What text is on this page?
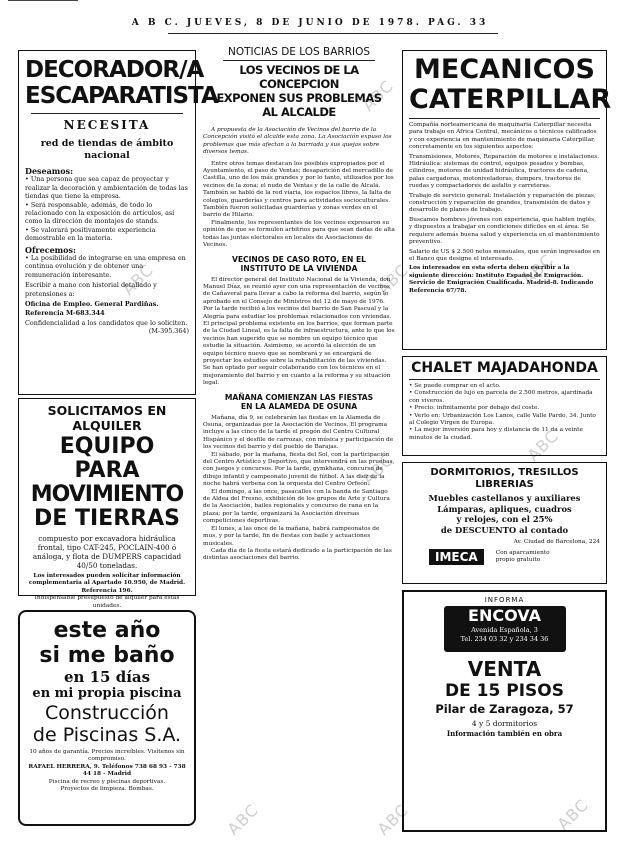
ABC
ABC
ABC
ABC
ABC
ABC
ABC
ABC	ABC
A B C. JUEVES, 8 DE JUNIO DE 1978. PAG. 33
DECORADOR/A
ESCAPARATISTA
NECESITA
red de tiendas de ámbito nacional
Deseamos:

• Una persona que sea capaz de proyectar y realizar la decoración y ambientación de todas las tiendas que tiene la empresa.

• Será responsable, además, de todo lo relacionado con la exposición de artículos, así como la dirección de montajes de stands.

• Se valorará positivamente experiencia demostrable en la materia.

Ofrecemos:

• La posibilidad de integrarse en una empresa en continua evolución y de obtener una remuneración interesante.

Escribir a mano con historial detallado y pretensiones a:

Oficina de Empleo. General Pardiñas. Referencia M-683.344

Confidencialidad a los candidatos que lo soliciten.

(M-395.364)
SOLICITAMOS EN ALQUILER
EQUIPO PARA
MOVIMIENTO
DE TIERRAS

compuesto por excavadora hidráulica frontal, tipo CAT-245, POCLAIN-400 ó análoga, y flota de DUMPERS capacidad 40/50 toneladas.

Los interesados pueden solicitar información complementaria al Apartado 10.950, de Madrid. Referencia 196.

Indispensable presupuesto de alquiler para estas unidades.

este año
si me baño
en 15 días
en mi propia piscina
Construcción
de Piscinas S.A.

10 años de garantía. Precios increíbles. Visítenos sin compromiso.

RAFAEL HERRERA, 9. Teléfonos 738 68 93 - 738 44 18 - Madrid

Piscina de recreo y piscinas deportivas.

Proyectos de limpieza. Bombas.

NOTICIAS DE LOS BARRIOS
LOS VECINOS DE LA CONCEPCION
EXPONEN SUS PROBLEMAS
AL ALCALDE

A propuesta de la Asociación de Vecinos del barrio de la Concepción visitó el alcalde esta zona. La Asociación expuso los problemas que más afectan a la barriada y sus quejas sobre diversos temas.

Entre otros temas destacan los posibles expropiados por el Ayuntamiento, el paso de Ventas; desaparición del mercadillo de Castilla, uno de los más grandes y por lo tanto, utilizados por los vecinos de la zona; el nudo de Ventas y de la calle de Alcalá. También se habló de la red viaria, los espacios libres, la falta de colegios, guarderías y centros para actividades socioculturales. También fueron solicitadas guarderías y zonas verdes en el barrio de Hilario.

Finalmente, los representantes de los vecinos expresaron su opinión de que se formulen arbitrios para que sean dadas de alta todas las juntas electorales en locales de Asociaciones de Vecinos.

VECINOS DE CASO ROTO, EN EL
INSTITUTO DE LA VIVIENDA

El director general del Instituto Nacional de la Vivienda, don Manuel Díaz, se reunió ayer con una representación de vecinos de Cañaveral para llevar a cabo la reforma del barrio, según lo aprobado en el Consejo de Ministros del 12 de mayo de 1976. Por la tarde recibió a los vecinos del barrio de San Pascual y la Alegría para estudiar los problemas relacionados con viviendas. El principal problema existente en los barrios, que forman parte de la Ciudad Lineal, es la falta de infraestructura, ante lo que los vecinos han sugerido que se nombre un equipo técnico que estudie la situación. Asimismo, se acordó la elección de un equipo técnico nuevo que se nombrará y se encargará de proyectar los estudios sobre la rehabilitación de las viviendas. Se han optado por seguir colaborando con los técnicos en el mejoramiento del barrio y en cuanto a la reforma y su situación legal.

MAÑANA COMIENZAN LAS FIESTAS
EN LA ALAMEDA DE OSUNA

Mañana, día 9, se celebrarán las fiestas en la Alameda de Osuna, organizadas por la Asociación de Vecinos. El programa incluye a las cinco de la tarde el pregón del Centro Cultural Hispánico y el desfile de carrozas, con música y participación de los vecinos del barrio y del pueblo de Barajas.

El sábado, por la mañana, fiesta del Sol, con la participación del Centro Artístico y Deportivo, que intervendrá en las pruebas, con juegos y concursos. Por la tarde, gymkhana, concurso de dibujo infantil y campeonato juvenil de fútbol. A las diez de la noche habrá verbena con la orquesta del Centro Orfeón.

El domingo, a las once, pasacalles con la banda de Santiago de Aldea del Fresno, exhibición de los grupos de Arte y Cultura de la Asociación, bailes regionales y concurso de rana en la plaza; por la tarde, organizará la Asociación diversas competiciones deportivas.

El lunes, a las once de la mañana, habrá campeonatos de mus, y por la tarde, fin de fiestas con baile y actuaciones musicales.

Cada día de la fiesta estará dedicado a la participación de las distintas asociaciones del barrio.

MECANICOS
CATERPILLAR

Compañía norteamericana de maquinaria Caterpillar necesita para trabajo en África Central, mecánicos o técnicos calificados y con experiencia en mantenimiento de maquinaria Caterpillar, concretamente en los siguientes aspectos:

Transmisiones, Motores, Reparación de motores e instalaciones. Hidráulica: sistemas de control, equipos pesados y bombas, cilindros, motores de unidad hidráulica, tractores de cadena, palas cargadoras, motoniveladoras, dumpers, tractores de ruedas y compactadores de asfalto y carreteras.

Trabajo de servicio general: Instalación y reparación de piezas, construcción y reparación de grandes, transmisión de datos y desarrollo de planes de trabajo.

Buscamos hombres jóvenes con experiencia, que hablen inglés, y dispuestos a trabajar en condiciones difíciles en el área. Se requiere además buena salud y experiencia en el mantenimiento preventivo.

Salario de US $ 2.500 netos mensuales, que serán ingresados en el Banco que designe el interesado.

Los interesados en esta oferta deben escribir a la siguiente dirección: Instituto Español de Emigración. Servicio de Emigración Cualificada. Madrid-8. Indicando Referencia 67/78.

CHALET MAJADAHONDA

• Se puede comprar en el acto.

• Construcción de lujo en parcela de 2.500 metros, ajardinada con viveros.

• Precio: infinitamente por debajo del coste.

• Verlo en: Urbanización Los Lanos, calle Valle Pardo, 34. Junto al Colegio Virgen de Europa.

• La mejor inversión para hoy y distancia de 11 da a veinte minutos de la ciudad.

DORMITORIOS, TRESILLOS
LIBRERIAS
Muebles castellanos y auxiliares
Lámparas, apliques, cuadros
y relojes, con el 25%
de DESCUENTO al contado
Av. Ciudad de Barcelona, 224
IMECA	Con aparcamiento propio gratuito
INFORMA
ENCOVA
Avenida Española, 3
Tel. 234 03 32 y 234 34 36
VENTA
DE 15 PISOS
Pilar de Zaragoza, 57
4 y 5 dormitorios
Información también en obra
